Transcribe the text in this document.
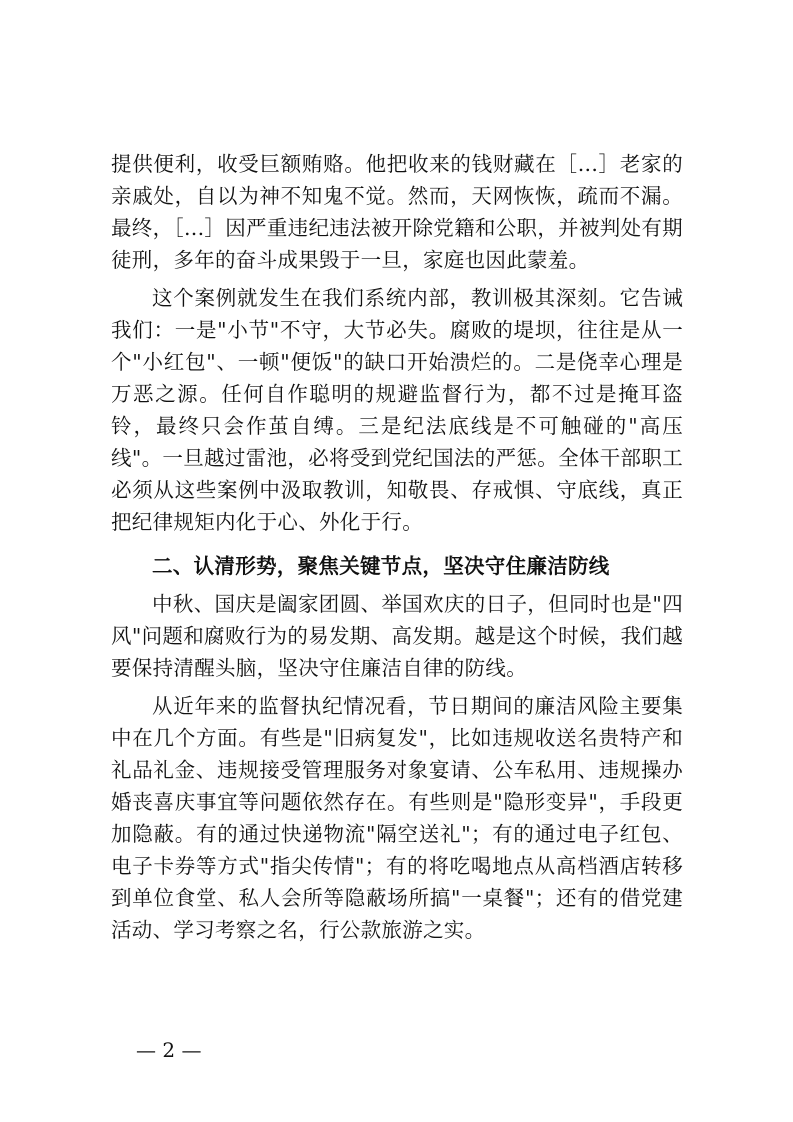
提供便利，收受巨额贿赂。他把收来的钱财藏在［...］老家的亲戚处，自以为神不知鬼不觉。然而，天网恢恢，疏而不漏。最终，［...］因严重违纪违法被开除党籍和公职，并被判处有期徒刑，多年的奋斗成果毁于一旦，家庭也因此蒙羞。

这个案例就发生在我们系统内部，教训极其深刻。它告诫我们：一是"小节"不守，大节必失。腐败的堤坝，往往是从一个"小红包"、一顿"便饭"的缺口开始溃烂的。二是侥幸心理是万恶之源。任何自作聪明的规避监督行为，都不过是掩耳盗铃，最终只会作茧自缚。三是纪法底线是不可触碰的"高压线"。一旦越过雷池，必将受到党纪国法的严惩。全体干部职工必须从这些案例中汲取教训，知敬畏、存戒惧、守底线，真正把纪律规矩内化于心、外化于行。

二、认清形势，聚焦关键节点，坚决守住廉洁防线

中秋、国庆是阖家团圆、举国欢庆的日子，但同时也是"四风"问题和腐败行为的易发期、高发期。越是这个时候，我们越要保持清醒头脑，坚决守住廉洁自律的防线。

从近年来的监督执纪情况看，节日期间的廉洁风险主要集中在几个方面。有些是"旧病复发"，比如违规收送名贵特产和礼品礼金、违规接受管理服务对象宴请、公车私用、违规操办婚丧喜庆事宜等问题依然存在。有些则是"隐形变异"，手段更加隐蔽。有的通过快递物流"隔空送礼"；有的通过电子红包、电子卡券等方式"指尖传情"；有的将吃喝地点从高档酒店转移到单位食堂、私人会所等隐蔽场所搞"一桌餐"；还有的借党建活动、学习考察之名，行公款旅游之实。

— 2 —
